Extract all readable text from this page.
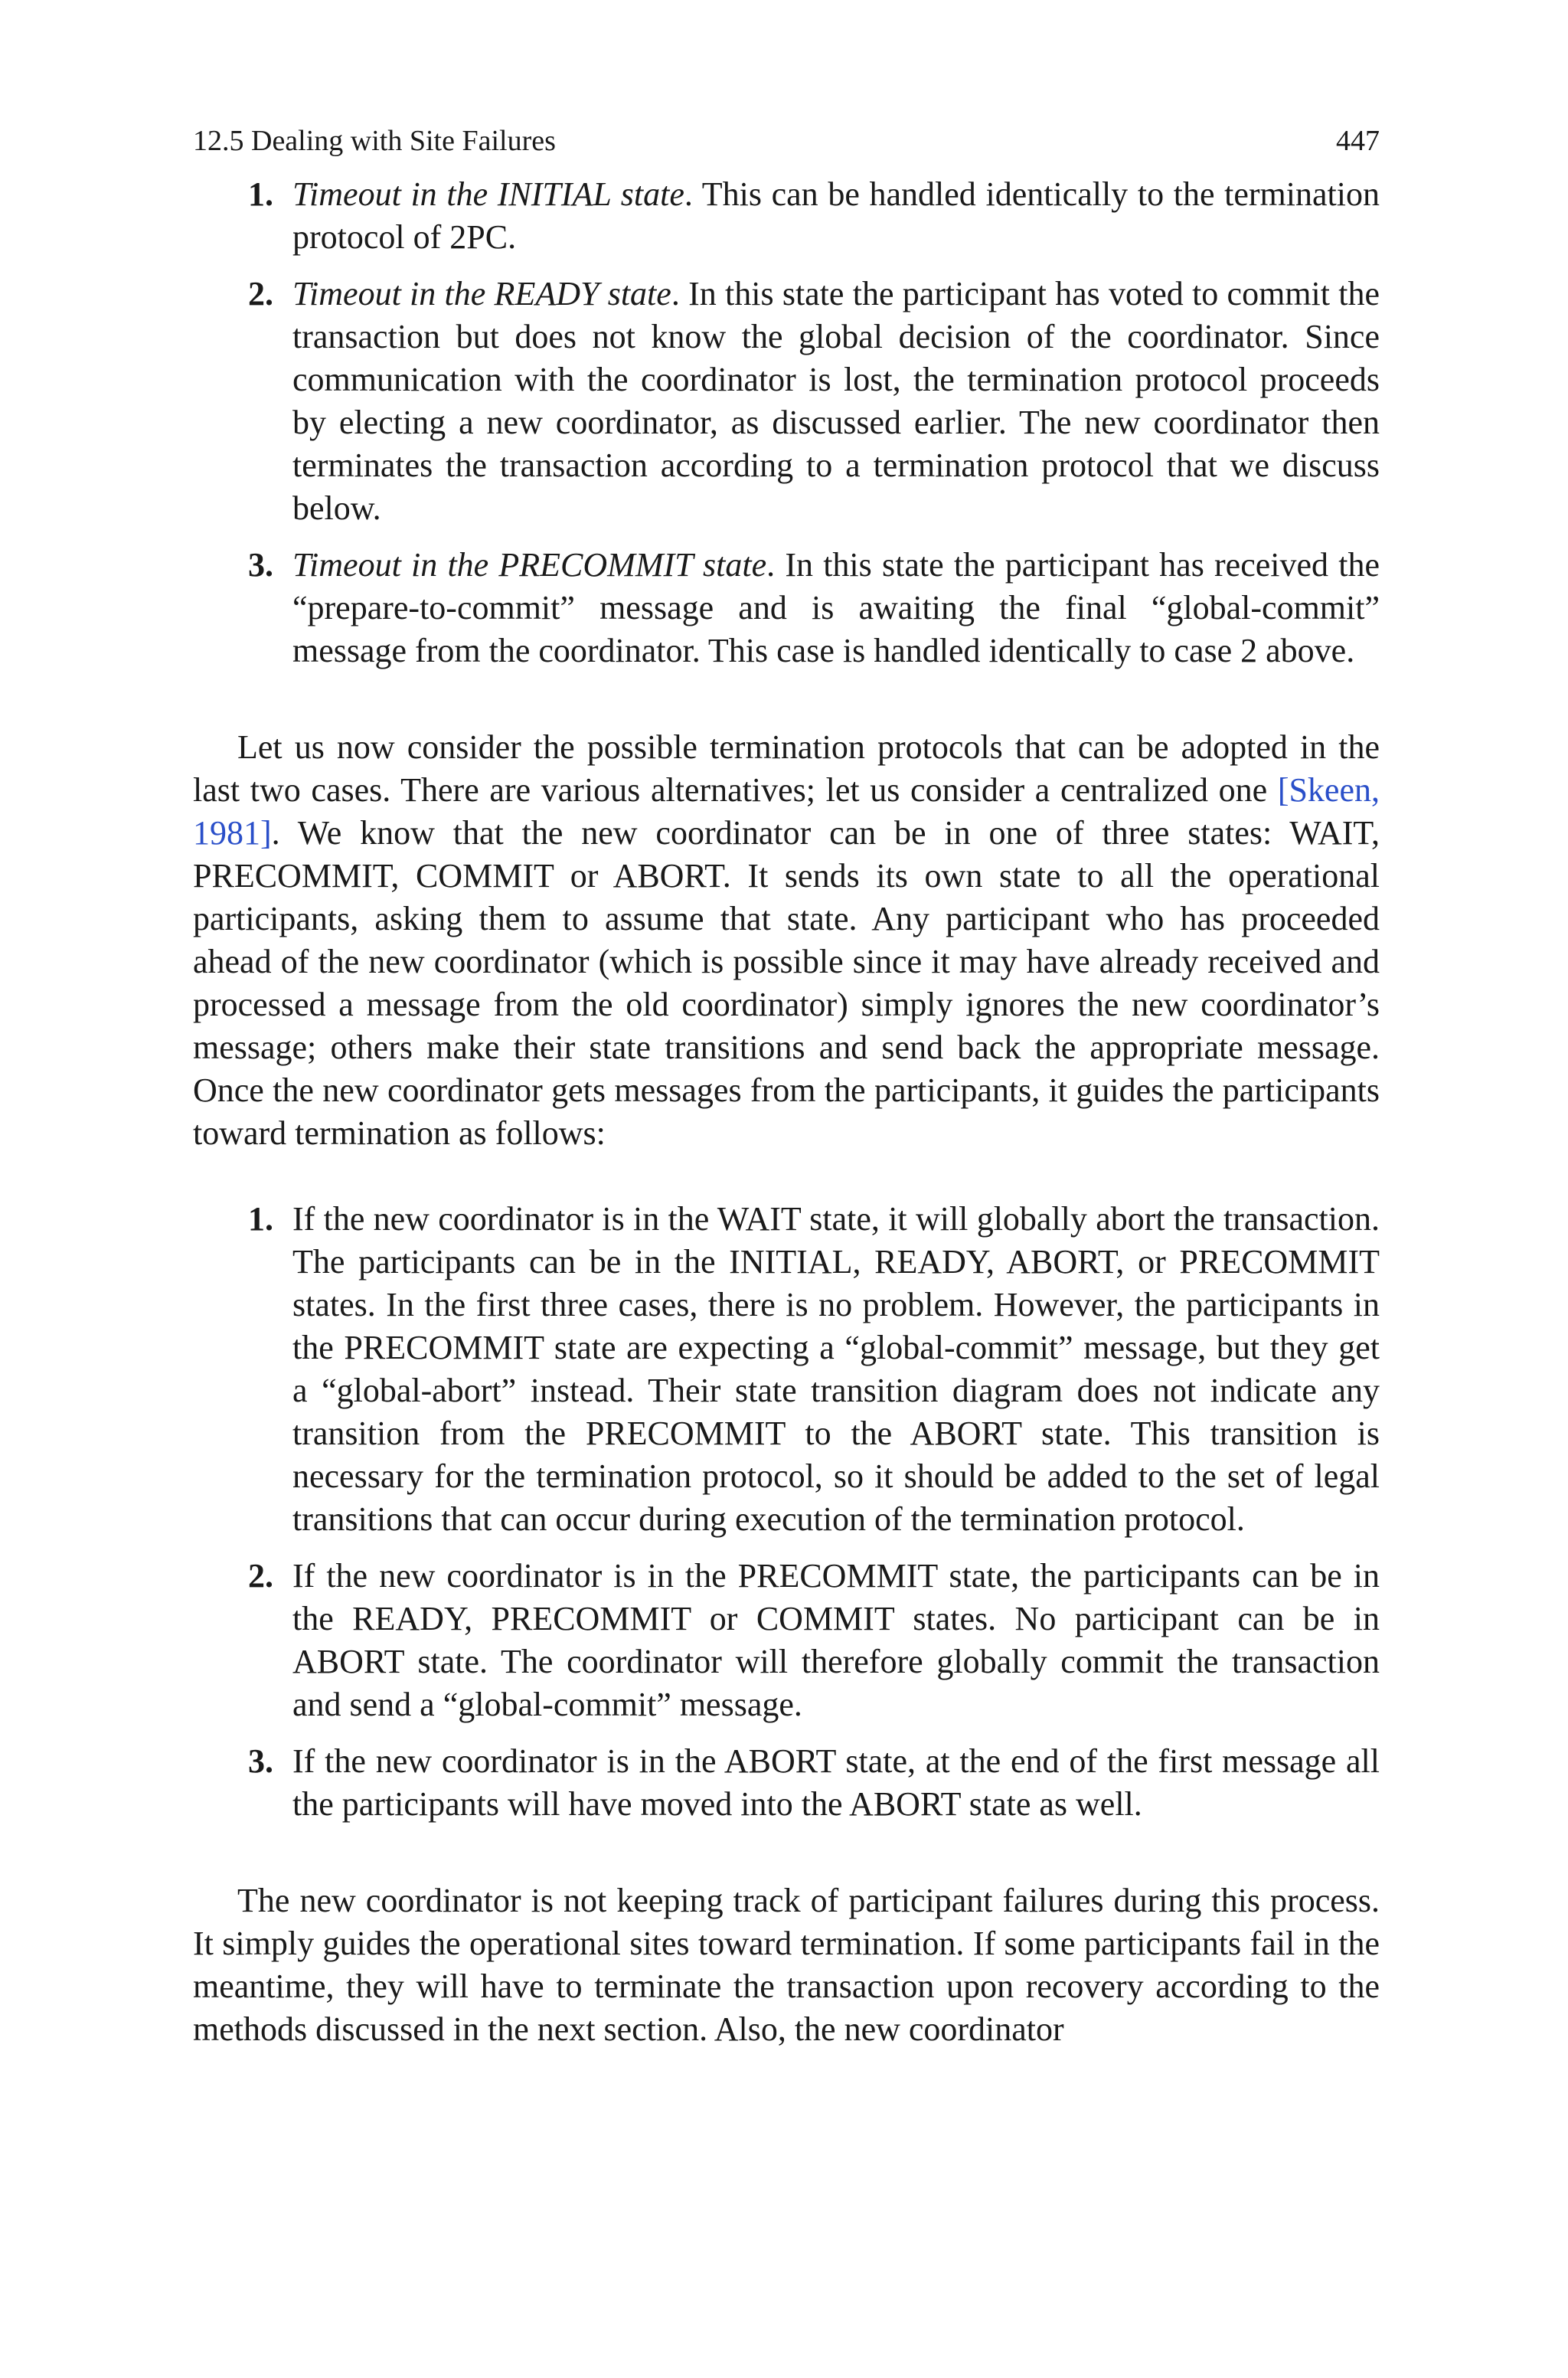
12.5 Dealing with Site Failures	447
1. Timeout in the INITIAL state. This can be handled identically to the termination protocol of 2PC.
2. Timeout in the READY state. In this state the participant has voted to commit the transaction but does not know the global decision of the coordinator. Since communication with the coordinator is lost, the termination protocol proceeds by electing a new coordinator, as discussed earlier. The new coordinator then terminates the transaction according to a termination protocol that we discuss below.
3. Timeout in the PRECOMMIT state. In this state the participant has received the “prepare-to-commit” message and is awaiting the final “global-commit” message from the coordinator. This case is handled identically to case 2 above.

Let us now consider the possible termination protocols that can be adopted in the last two cases. There are various alternatives; let us consider a centralized one [Skeen, 1981]. We know that the new coordinator can be in one of three states: WAIT, PRECOMMIT, COMMIT or ABORT. It sends its own state to all the operational participants, asking them to assume that state. Any participant who has proceeded ahead of the new coordinator (which is possible since it may have already received and processed a message from the old coordinator) simply ignores the new coordinator’s message; others make their state transitions and send back the appropriate message. Once the new coordinator gets messages from the participants, it guides the participants toward termination as follows:

1. If the new coordinator is in the WAIT state, it will globally abort the transaction. The participants can be in the INITIAL, READY, ABORT, or PRECOMMIT states. In the first three cases, there is no problem. However, the participants in the PRECOMMIT state are expecting a “global-commit” message, but they get a “global-abort” instead. Their state transition diagram does not indicate any transition from the PRECOMMIT to the ABORT state. This transition is necessary for the termination protocol, so it should be added to the set of legal transitions that can occur during execution of the termination protocol.
2. If the new coordinator is in the PRECOMMIT state, the participants can be in the READY, PRECOMMIT or COMMIT states. No participant can be in ABORT state. The coordinator will therefore globally commit the transaction and send a “global-commit” message.
3. If the new coordinator is in the ABORT state, at the end of the first message all the participants will have moved into the ABORT state as well.

The new coordinator is not keeping track of participant failures during this process. It simply guides the operational sites toward termination. If some participants fail in the meantime, they will have to terminate the transaction upon recovery according to the methods discussed in the next section. Also, the new coordinator
